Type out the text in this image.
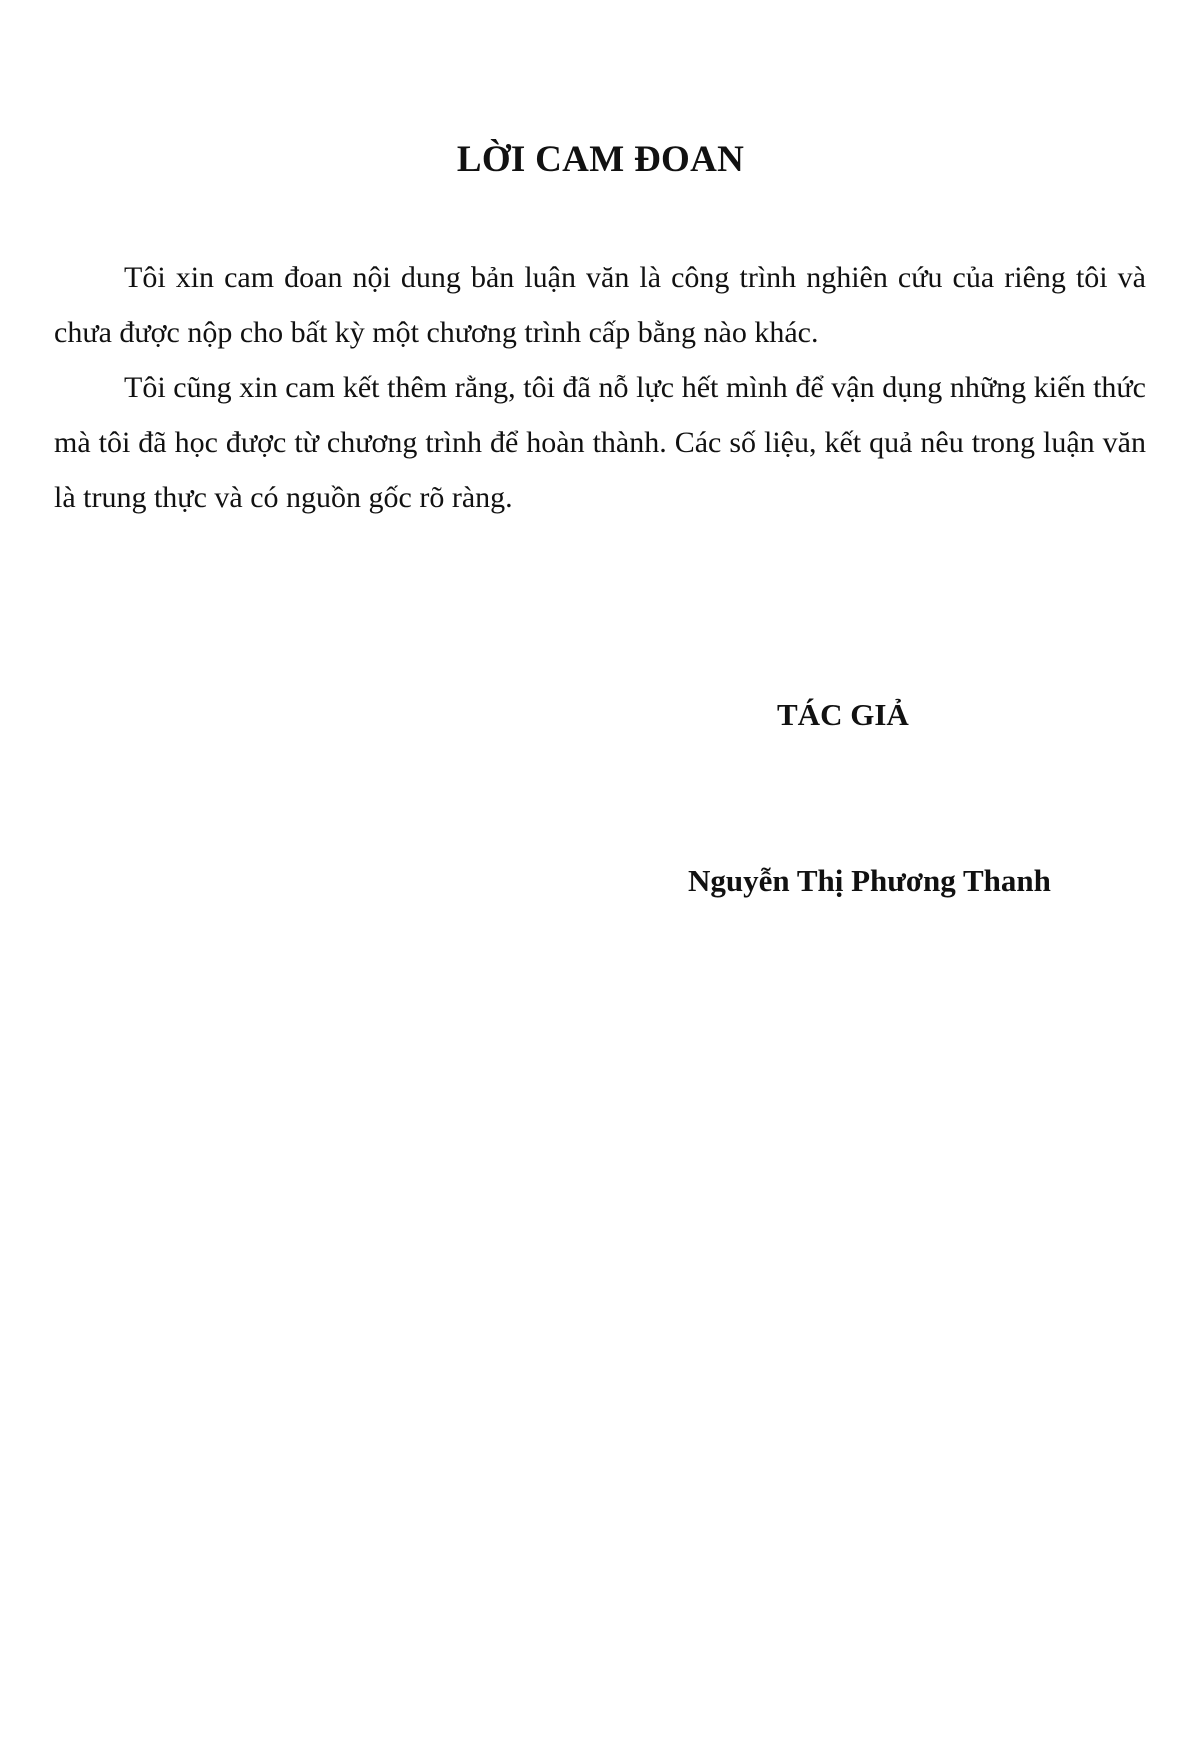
LỜI CAM ĐOAN

Tôi xin cam đoan nội dung bản luận văn là công trình nghiên cứu của riêng tôi và chưa được nộp cho bất kỳ một chương trình cấp bằng nào khác.

Tôi cũng xin cam kết thêm rằng, tôi đã nỗ lực hết mình để vận dụng những kiến thức mà tôi đã học được từ chương trình để hoàn thành. Các số liệu, kết quả nêu trong luận văn là trung thực và có nguồn gốc rõ ràng.

TÁC GIẢ
Nguyễn Thị Phương Thanh
